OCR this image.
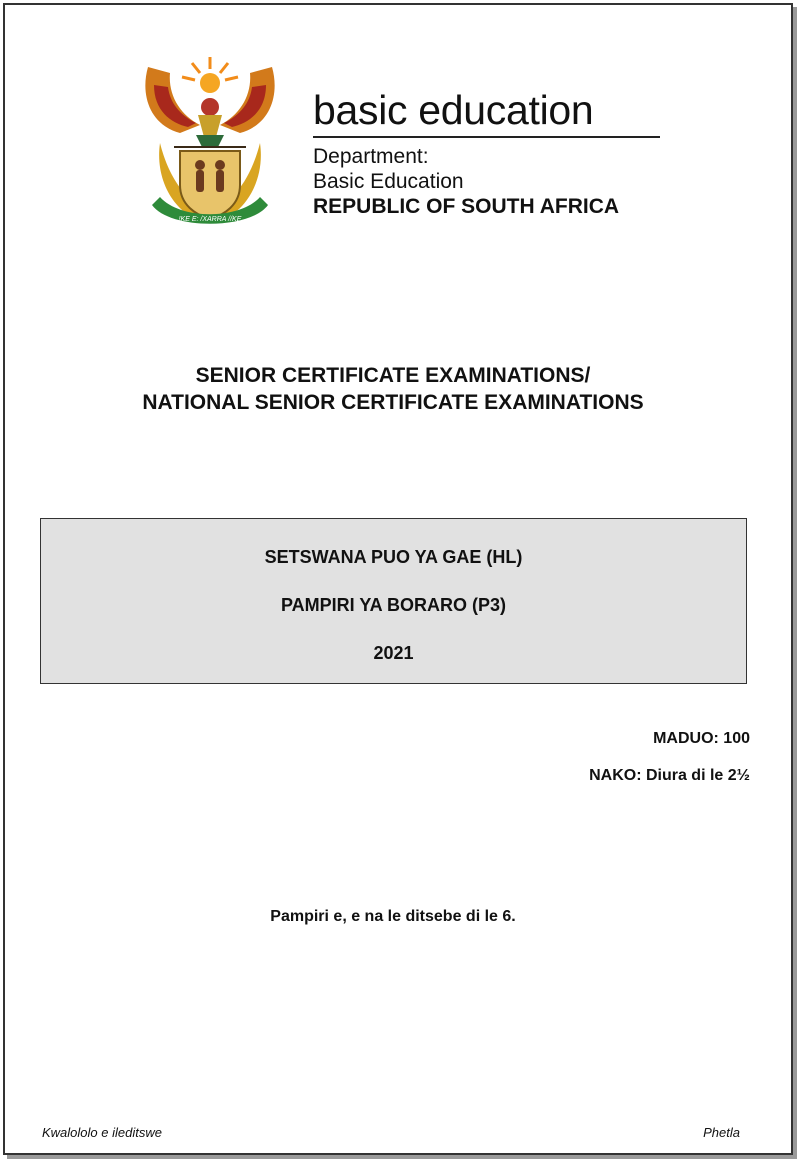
!KE E: /XARRA //KE

basic education

Department:

Basic Education

REPUBLIC OF SOUTH AFRICA

SENIOR CERTIFICATE EXAMINATIONS/
NATIONAL SENIOR CERTIFICATE EXAMINATIONS
SETSWANA PUO YA GAE (HL)
PAMPIRI YA BORARO (P3)
2021
MADUO: 100
NAKO: Diura di le 2½
Pampiri e, e na le ditsebe di le 6.
Kwalololo e ileditswe	Phetla
